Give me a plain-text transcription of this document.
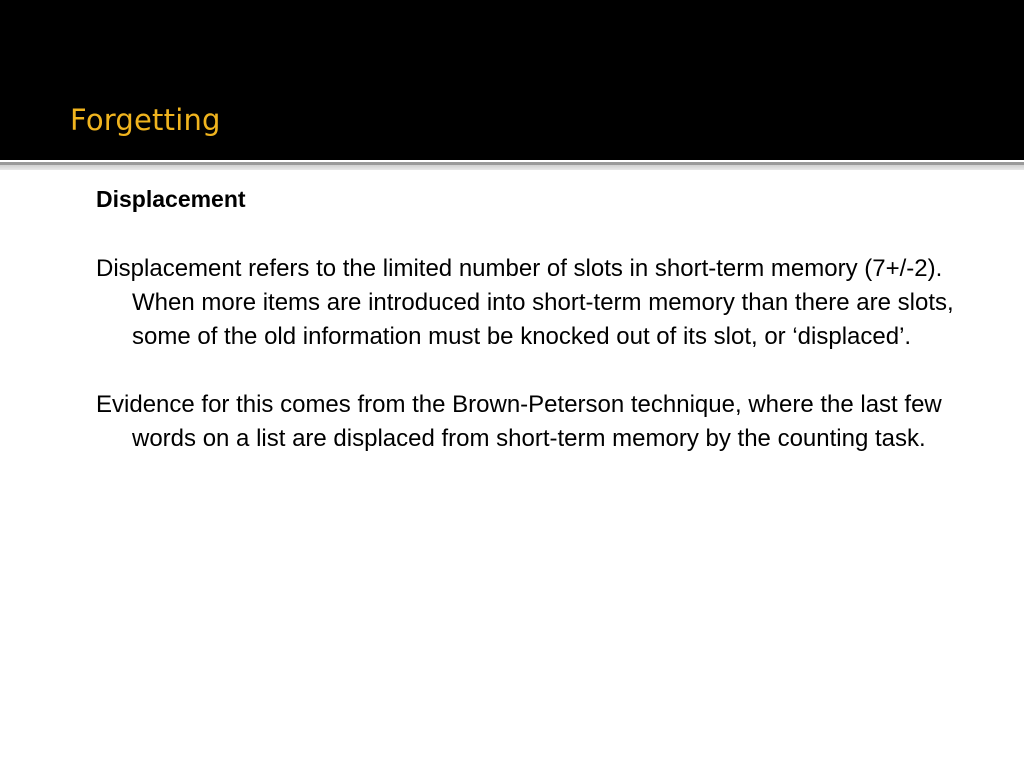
Forgetting

Displacement

Displacement refers to the limited number of slots in short-term memory (7+/-2). When more items are introduced into short-term memory than there are slots, some of the old information must be knocked out of its slot, or ‘displaced’.

Evidence for this comes from the Brown-Peterson technique, where the last few words on a list are displaced from short-term memory by the counting task.
